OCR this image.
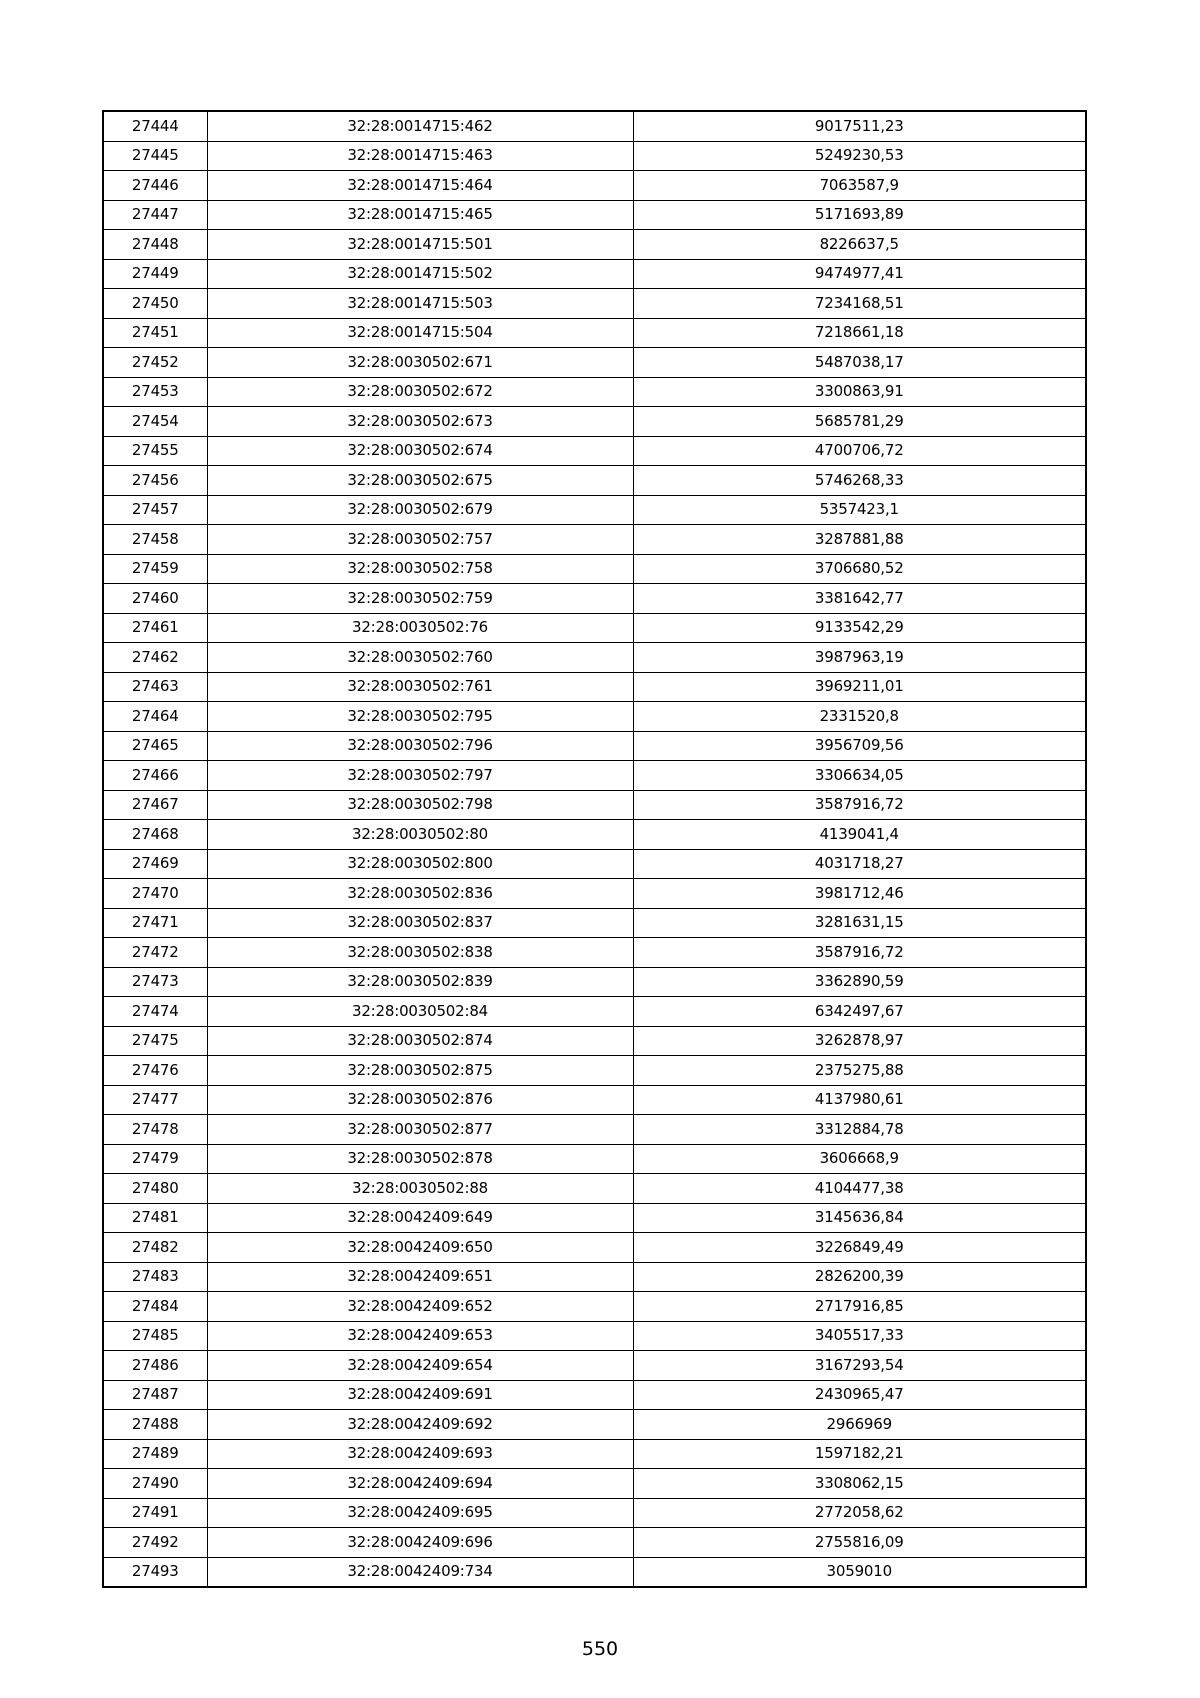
27444	32:28:0014715:462	9017511,23
27445	32:28:0014715:463	5249230,53
27446	32:28:0014715:464	7063587,9
27447	32:28:0014715:465	5171693,89
27448	32:28:0014715:501	8226637,5
27449	32:28:0014715:502	9474977,41
27450	32:28:0014715:503	7234168,51
27451	32:28:0014715:504	7218661,18
27452	32:28:0030502:671	5487038,17
27453	32:28:0030502:672	3300863,91
27454	32:28:0030502:673	5685781,29
27455	32:28:0030502:674	4700706,72
27456	32:28:0030502:675	5746268,33
27457	32:28:0030502:679	5357423,1
27458	32:28:0030502:757	3287881,88
27459	32:28:0030502:758	3706680,52
27460	32:28:0030502:759	3381642,77
27461	32:28:0030502:76	9133542,29
27462	32:28:0030502:760	3987963,19
27463	32:28:0030502:761	3969211,01
27464	32:28:0030502:795	2331520,8
27465	32:28:0030502:796	3956709,56
27466	32:28:0030502:797	3306634,05
27467	32:28:0030502:798	3587916,72
27468	32:28:0030502:80	4139041,4
27469	32:28:0030502:800	4031718,27
27470	32:28:0030502:836	3981712,46
27471	32:28:0030502:837	3281631,15
27472	32:28:0030502:838	3587916,72
27473	32:28:0030502:839	3362890,59
27474	32:28:0030502:84	6342497,67
27475	32:28:0030502:874	3262878,97
27476	32:28:0030502:875	2375275,88
27477	32:28:0030502:876	4137980,61
27478	32:28:0030502:877	3312884,78
27479	32:28:0030502:878	3606668,9
27480	32:28:0030502:88	4104477,38
27481	32:28:0042409:649	3145636,84
27482	32:28:0042409:650	3226849,49
27483	32:28:0042409:651	2826200,39
27484	32:28:0042409:652	2717916,85
27485	32:28:0042409:653	3405517,33
27486	32:28:0042409:654	3167293,54
27487	32:28:0042409:691	2430965,47
27488	32:28:0042409:692	2966969
27489	32:28:0042409:693	1597182,21
27490	32:28:0042409:694	3308062,15
27491	32:28:0042409:695	2772058,62
27492	32:28:0042409:696	2755816,09
27493	32:28:0042409:734	3059010
550
